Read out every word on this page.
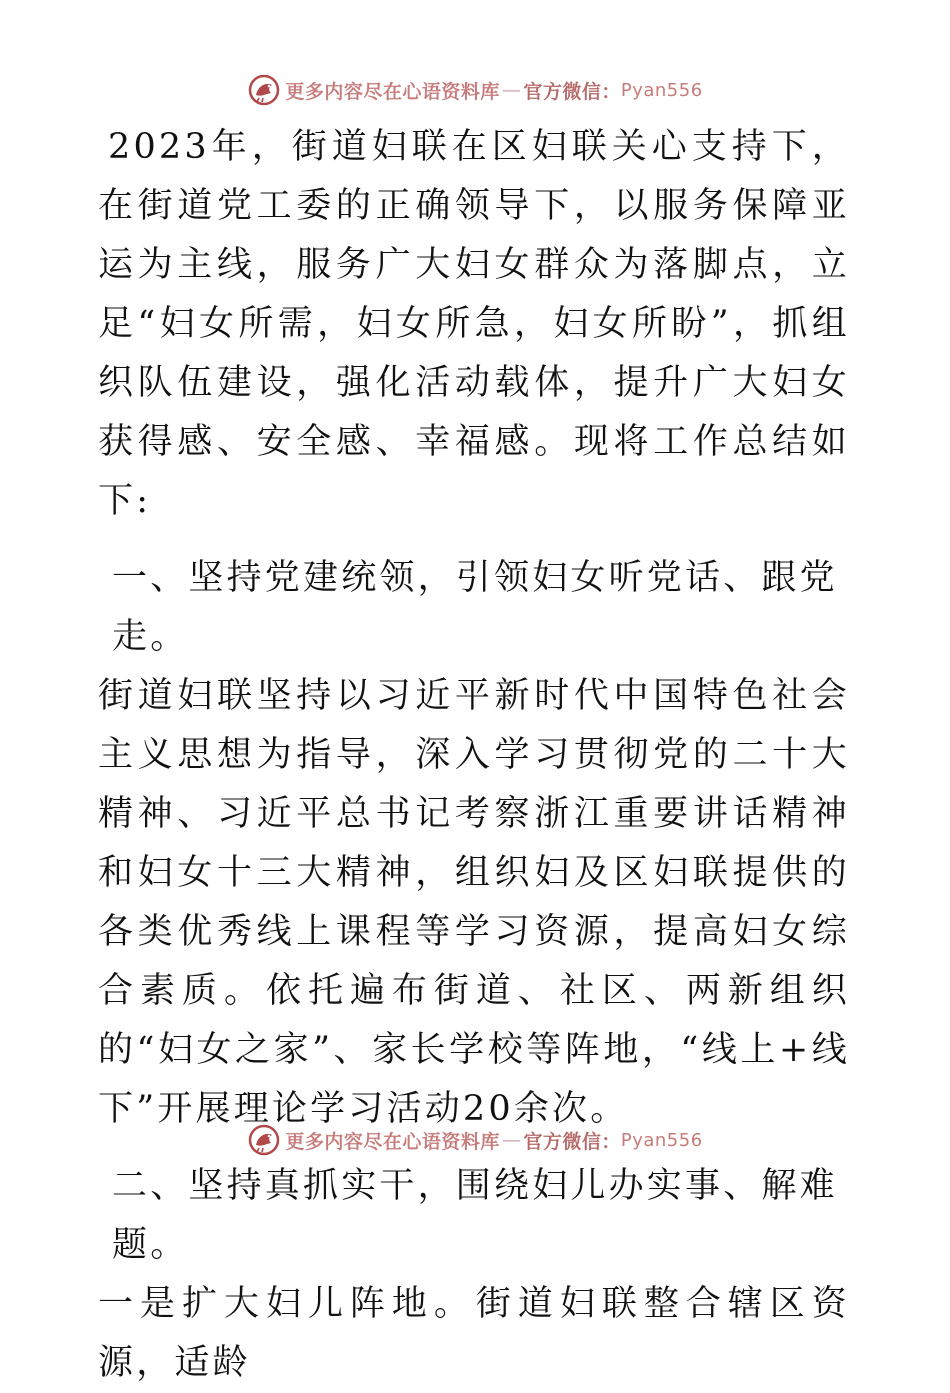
更多内容尽在心语资料库 — 官方微信： Pyan556

2023年，街道妇联在区妇联关心支持下，在街道党工委的正确领导下，以服务保障亚运为主线，服务广大妇女群众为落脚点，立足“妇女所需，妇女所急，妇女所盼”，抓组织队伍建设，强化活动载体，提升广大妇女获得感、安全感、幸福感。现将工作总结如下:

一、坚持党建统领，引领妇女听党话、跟党走。

街道妇联坚持以习近平新时代中国特色社会主义思想为指导，深入学习贯彻党的二十大精神、习近平总书记考察浙江重要讲话精神和妇女十三大精神，组织妇及区妇联提供的各类优秀线上课程等学习资源，提高妇女综合素质。依托遍布街道、社区、两新组织的“妇女之家”、家长学校等阵地，“线上+线下”开展理论学习活动20余次。

二、坚持真抓实干，围绕妇儿办实事、解难题。

一是扩大妇儿阵地。街道妇联整合辖区资源，适龄

更多内容尽在心语资料库 — 官方微信： Pyan556
